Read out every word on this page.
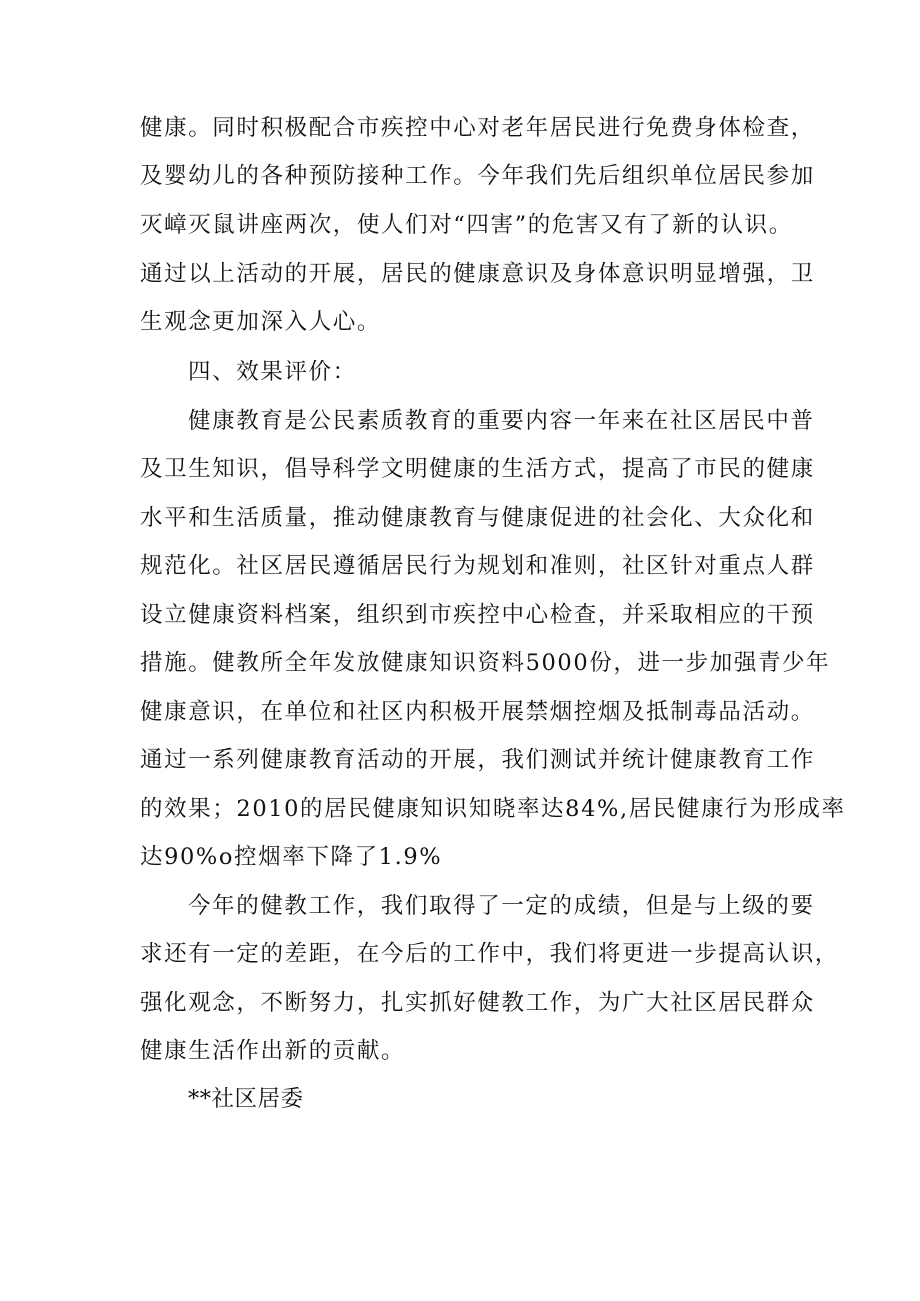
健康。同时积极配合市疾控中心对老年居民进行免费身体检查，
及婴幼儿的各种预防接种工作。今年我们先后组织单位居民参加
灭嶂灭鼠讲座两次，使人们对“四害”的危害又有了新的认识。
通过以上活动的开展，居民的健康意识及身体意识明显增强，卫
生观念更加深入人心。
四、效果评价：
健康教育是公民素质教育的重要内容一年来在社区居民中普
及卫生知识，倡导科学文明健康的生活方式，提高了市民的健康
水平和生活质量，推动健康教育与健康促进的社会化、大众化和
规范化。社区居民遵循居民行为规划和准则，社区针对重点人群
设立健康资料档案，组织到市疾控中心检查，并采取相应的干预
措施。健教所全年发放健康知识资料5000份，进一步加强青少年
健康意识，在单位和社区内积极开展禁烟控烟及抵制毒品活动。
通过一系列健康教育活动的开展，我们测试并统计健康教育工作
的效果；2010的居民健康知识知晓率达84%,居民健康行为形成率
达90%o控烟率下降了1.9%
今年的健教工作，我们取得了一定的成绩，但是与上级的要
求还有一定的差距，在今后的工作中，我们将更进一步提高认识，
强化观念，不断努力，扎实抓好健教工作，为广大社区居民群众
健康生活作出新的贡献。
**社区居委
